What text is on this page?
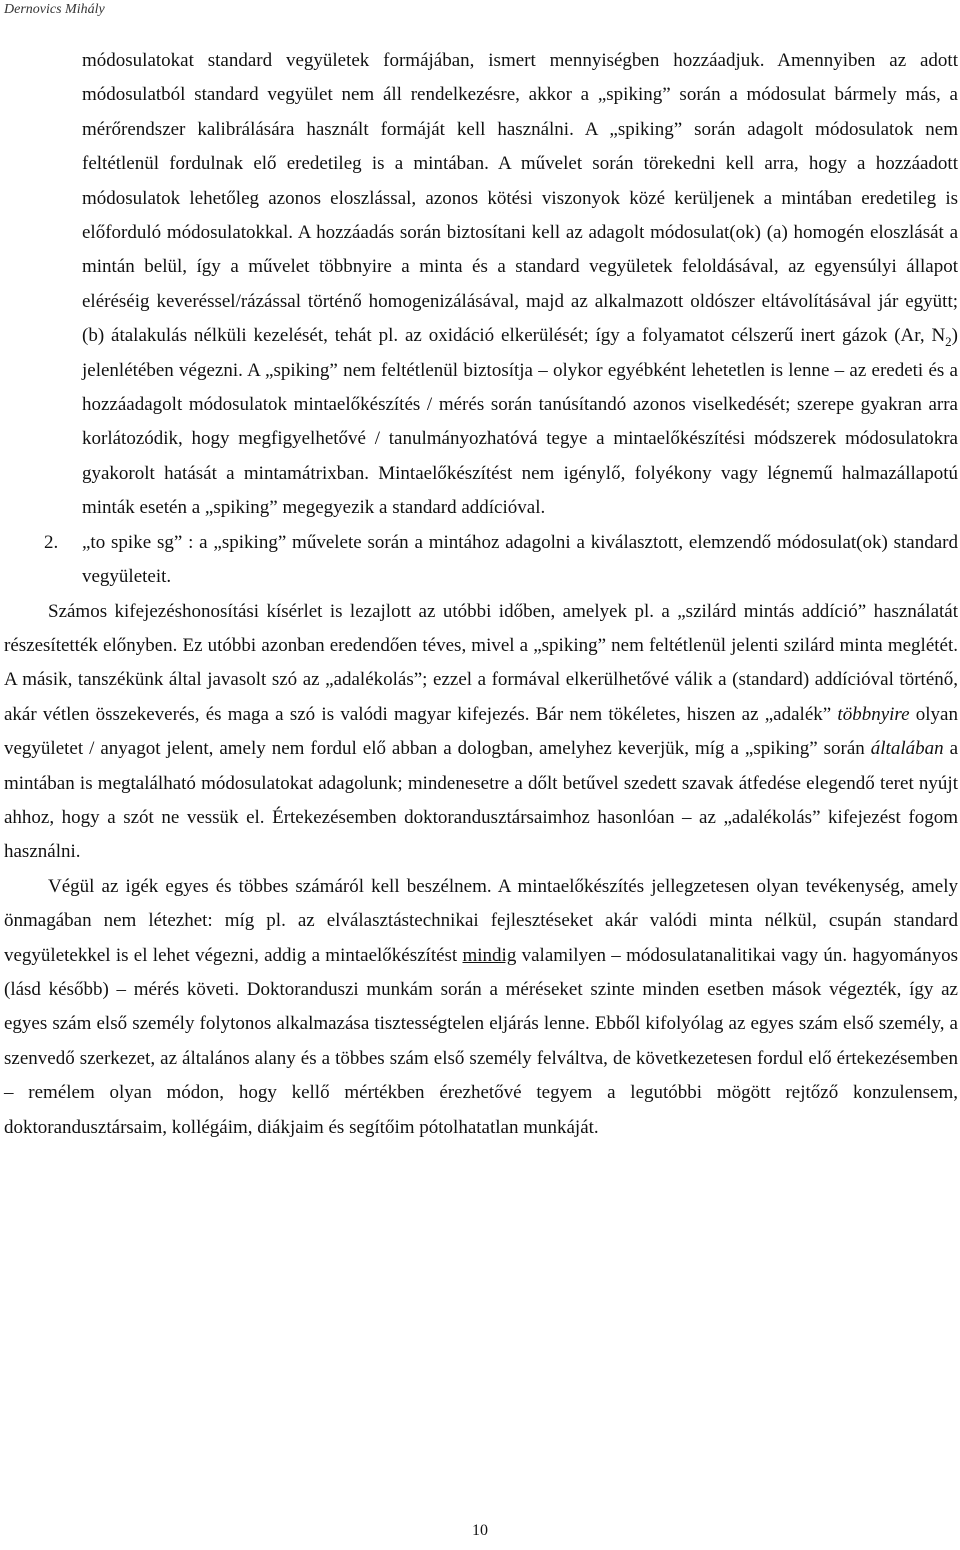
Dernovics Mihály

módosulatokat standard vegyületek formájában, ismert mennyiségben hozzáadjuk. Amennyiben az adott módosulatból standard vegyület nem áll rendelkezésre, akkor a „spiking” során a módosulat bármely más, a mérőrendszer kalibrálására használt formáját kell használni. A „spiking” során adagolt módosulatok nem feltétlenül fordulnak elő eredetileg is a mintában. A művelet során törekedni kell arra, hogy a hozzáadott módosulatok lehetőleg azonos eloszlással, azonos kötési viszonyok közé kerüljenek a mintában eredetileg is előforduló módosulatokkal. A hozzáadás során biztosítani kell az adagolt módosulat(ok) (a) homogén eloszlását a mintán belül, így a művelet többnyire a minta és a standard vegyületek feloldásával, az egyensúlyi állapot eléréséig keveréssel/rázással történő homogenizálásával, majd az alkalmazott oldószer eltávolításával jár együtt; (b) átalakulás nélküli kezelését, tehát pl. az oxidáció elkerülését; így a folyamatot célszerű inert gázok (Ar, $N_2$) jelenlétében végezni. A „spiking” nem feltétlenül biztosítja – olykor egyébként lehetetlen is lenne – az eredeti és a hozzáadagolt módosulatok mintaelőkészítés / mérés során tanúsítandó azonos viselkedését; szerepe gyakran arra korlátozódik, hogy megfigyelhetővé / tanulmányozhatóvá tegye a mintaelőkészítési módszerek módosulatokra gyakorolt hatását a mintamátrixban. Mintaelőkészítést nem igénylő, folyékony vagy légnemű halmazállapotú minták esetén a „spiking” megegyezik a standard addícióval.

2.	„to spike sg” : a „spiking” művelete során a mintához adagolni a kiválasztott, elemzendő módosulat(ok) standard vegyületeit.

Számos kifejezéshonosítási kísérlet is lezajlott az utóbbi időben, amelyek pl. a „szilárd mintás addíció” használatát részesítették előnyben. Ez utóbbi azonban eredendően téves, mivel a „spiking” nem feltétlenül jelenti szilárd minta meglétét. A másik, tanszékünk által javasolt szó az „adalékolás”; ezzel a formával elkerülhetővé válik a (standard) addícióval történő, akár vétlen összekeverés, és maga a szó is valódi magyar kifejezés. Bár nem tökéletes, hiszen az „adalék” többnyire olyan vegyületet / anyagot jelent, amely nem fordul elő abban a dologban, amelyhez keverjük, míg a „spiking” során általában a mintában is megtalálható módosulatokat adagolunk; mindenesetre a dőlt betűvel szedett szavak átfedése elegendő teret nyújt ahhoz, hogy a szót ne vessük el. Értekezésemben doktorandusztársaimhoz hasonlóan – az „adalékolás” kifejezést fogom használni.

Végül az igék egyes és többes számáról kell beszélnem. A mintaelőkészítés jellegzetesen olyan tevékenység, amely önmagában nem létezhet: míg pl. az elválasztástechnikai fejlesztéseket akár valódi minta nélkül, csupán standard vegyületekkel is el lehet végezni, addig a mintaelőkészítést mindig valamilyen – módosulatanalitikai vagy ún. hagyományos (lásd később) – mérés követi. Doktoranduszi munkám során a méréseket szinte minden esetben mások végezték, így az egyes szám első személy folytonos alkalmazása tisztességtelen eljárás lenne. Ebből kifolyólag az egyes szám első személy, a szenvedő szerkezet, az általános alany és a többes szám első személy felváltva, de következetesen fordul elő értekezésemben – remélem olyan módon, hogy kellő mértékben érezhetővé tegyem a legutóbbi mögött rejtőző konzulensem, doktorandusztársaim, kollégáim, diákjaim és segítőim pótolhatatlan munkáját.

10
